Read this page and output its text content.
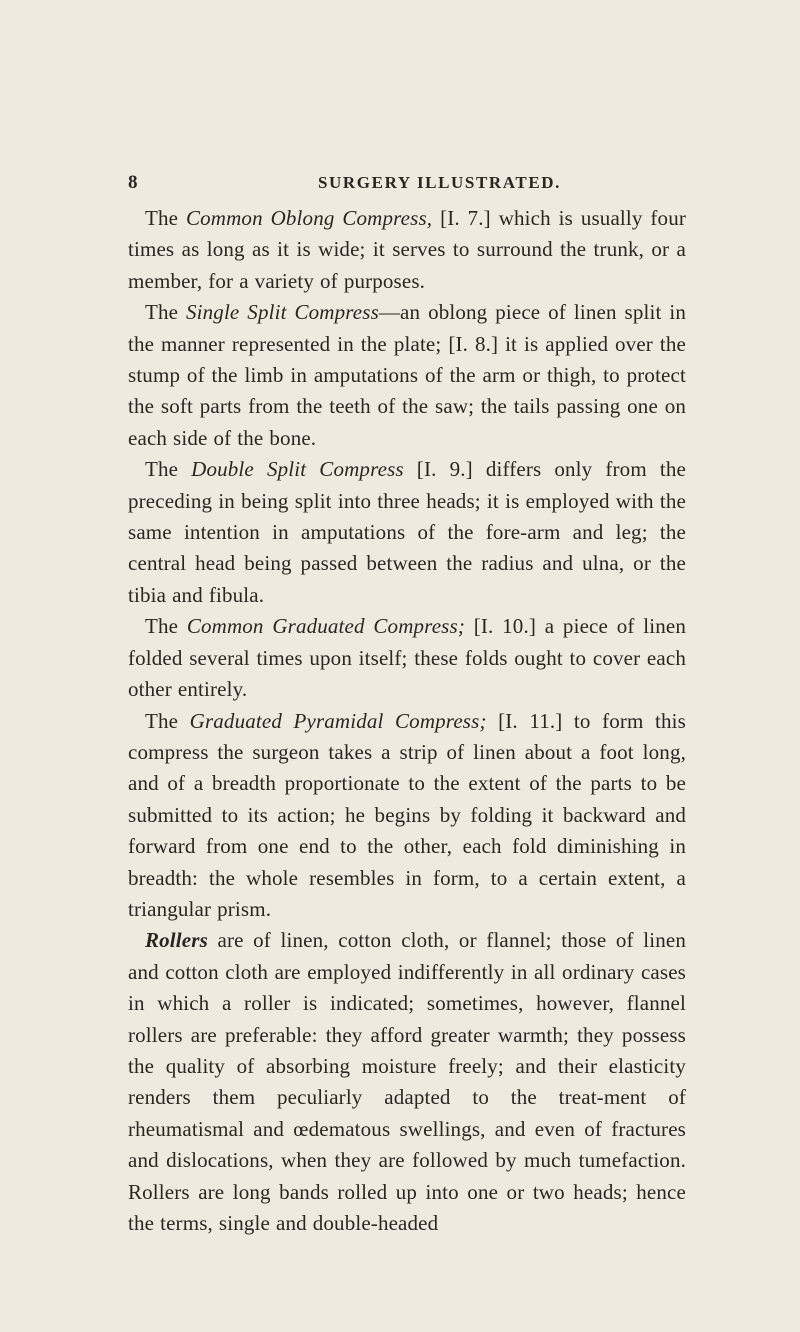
8	SURGERY ILLUSTRATED.

The Common Oblong Compress, [I. 7.] which is usually four times as long as it is wide; it serves to surround the trunk, or a member, for a variety of purposes.

The Single Split Compress—an oblong piece of linen split in the manner represented in the plate; [I. 8.] it is applied over the stump of the limb in amputations of the arm or thigh, to protect the soft parts from the teeth of the saw; the tails passing one on each side of the bone.

The Double Split Compress [I. 9.] differs only from the preceding in being split into three heads; it is employed with the same intention in amputations of the fore-arm and leg; the central head being passed between the radius and ulna, or the tibia and fibula.

The Common Graduated Compress; [I. 10.] a piece of linen folded several times upon itself; these folds ought to cover each other entirely.

The Graduated Pyramidal Compress; [I. 11.] to form this compress the surgeon takes a strip of linen about a foot long, and of a breadth proportionate to the extent of the parts to be submitted to its action; he begins by folding it backward and forward from one end to the other, each fold diminishing in breadth: the whole resembles in form, to a certain extent, a triangular prism.

Rollers are of linen, cotton cloth, or flannel; those of linen and cotton cloth are employed indifferently in all ordinary cases in which a roller is indicated; sometimes, however, flannel rollers are preferable: they afford greater warmth; they possess the quality of absorbing moisture freely; and their elasticity renders them peculiarly adapted to the treat-ment of rheumatismal and œdematous swellings, and even of fractures and dislocations, when they are followed by much tumefaction. Rollers are long bands rolled up into one or two heads; hence the terms, single and double-headed
